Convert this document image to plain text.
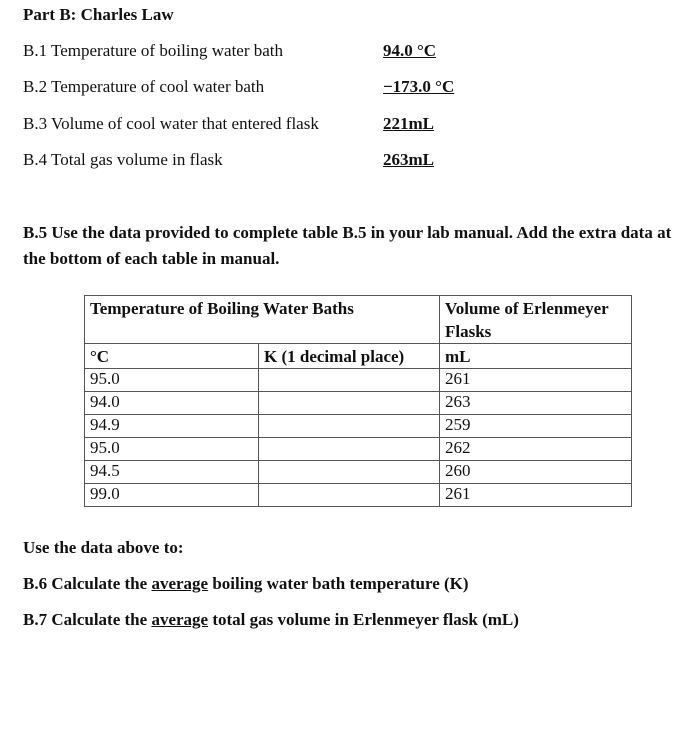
Part B: Charles Law
B.1 Temperature of boiling water bath	94.0 °C
B.2 Temperature of cool water bath	−173.0 °C
B.3 Volume of cool water that entered flask	221mL
B.4 Total gas volume in flask	263mL
B.5 Use the data provided to complete table B.5 in your lab manual. Add the extra data at the bottom of each table in manual.
Temperature of Boiling Water Baths		Volume of Erlenmeyer Flasks
°C	K (1 decimal place)	mL
95.0		261
94.0		263
94.9		259
95.0		262
94.5		260
99.0		261
Use the data above to:
B.6 Calculate the average boiling water bath temperature (K)
B.7 Calculate the average total gas volume in Erlenmeyer flask (mL)
